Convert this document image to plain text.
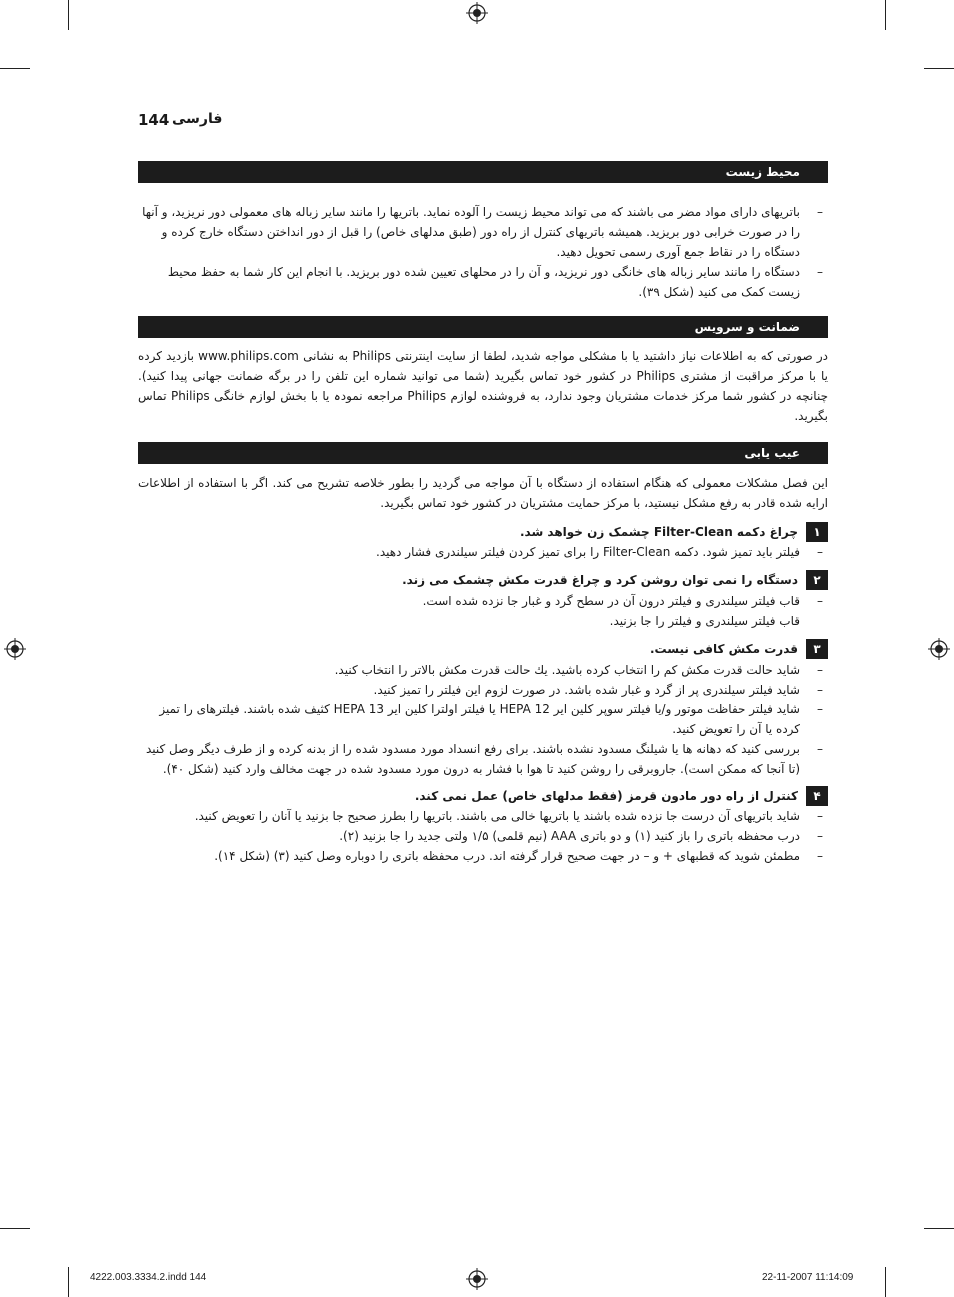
144 فارسی
محیط زیست
–
باتریهای دارای مواد مضر می باشند که می تواند محیط زیست را آلوده نماید. باتریها را مانند سایر زباله های معمولی دور نریزید، و آنها را در صورت خرابی دور بریزید. همیشه باتریهای کنترل از راه دور (طبق مدلهای خاص) را قبل از دور انداختن دستگاه خارج کرده و دستگاه را در نقاط جمع آوری رسمی تحویل دهید.
–
دستگاه را مانند سایر زباله های خانگی دور نریزید، و آن را در محلهای تعیین شده دور بریزید. با انجام این کار شما به حفظ محیط زیست کمک می کنید (شکل ۳۹).
ضمانت و سرویس
در صورتی که به اطلاعات نیاز داشتید یا با مشکلی مواجه شدید، لطفا از سایت اینترنتی Philips به نشانی www.philips.com بازدید کرده یا با مرکز مراقبت از مشتری Philips در کشور خود تماس بگیرید (شما می توانید شماره این تلفن را در برگه ضمانت جهانی پیدا کنید). چنانچه در کشور شما مرکز خدمات مشتریان وجود ندارد، به فروشنده لوازم Philips مراجعه نمودہ یا با بخش لوازم خانگی Philips تماس بگیرید.
عیب یابی
این فصل مشکلات معمولی که هنگام استفاده از دستگاه با آن مواجه می گردید را بطور خلاصه تشریح می کند. اگر با استفاده از اطلاعات ارایه شده قادر به رفع مشکل نیستید، با مرکز حمایت مشتریان در کشور خود تماس بگیرید.
۱
چراغ دکمه Filter-Clean چشمک زن خواهد شد.
–
فیلتر باید تمیز شود. دکمه Filter-Clean را برای تمیز کردن فیلتر سیلندری فشار دهید.
۲
دستگاه را نمی توان روشن کرد و چراغ قدرت مکش چشمک می زند.
–
قاب فیلتر سیلندری و فیلتر درون آن در سطح گرد و غبار جا نزده شده است.
قاب فیلتر سیلندری و فیلتر را جا بزنید.
۳
قدرت مکش کافی نیست.
–
شاید حالت قدرت مکش کم را انتخاب کرده باشید. يك حالت قدرت مکش بالاتر را انتخاب کنید.
–
شاید فیلتر سیلندری پر از گرد و غبار شده باشد. در صورت لزوم این فیلتر را تمیز کنید.
–
شاید فیلتر حفاظت موتور و/یا فیلتر سوپر کلین ایر HEPA 12 یا فیلتر اولترا کلین ایر HEPA 13 کثیف شده باشند. فیلترهای را تمیز کرده یا آن را تعویض کنید.
–
بررسی کنید که دهانه ها یا شیلنگ مسدود نشده باشند. برای رفع انسداد مورد مسدود شده را از بدنه کرده و از طرف دیگر وصل کنید (تا آنجا که ممکن است). جاروبرقی را روشن کنید تا هوا با فشار به درون مورد مسدود شده در جهت مخالف وارد کنید (شکل ۴۰).
۴
کنترل از راه دور مادون قرمز (فقط مدلهای خاص) عمل نمی کند.
–
شاید باتریهای آن درست جا نزده شده باشند یا باتریها خالی می باشند. باتریها را بطرز صحیح جا بزنید یا آنان را تعویض کنید.
–
درب محفظه باتری را باز کنید (۱) و دو باتری AAA (نیم قلمی) ۱/۵ ولتی جدید را جا بزنید (۲).
–
مطمئن شوید که قطبهای + و – در جهت صحیح قرار گرفته اند. درب محفظه باتری را دوباره وصل کنید (۳) (شکل ۱۴).
4222.003.3334.2.indd 144	22-11-2007 11:14:09
